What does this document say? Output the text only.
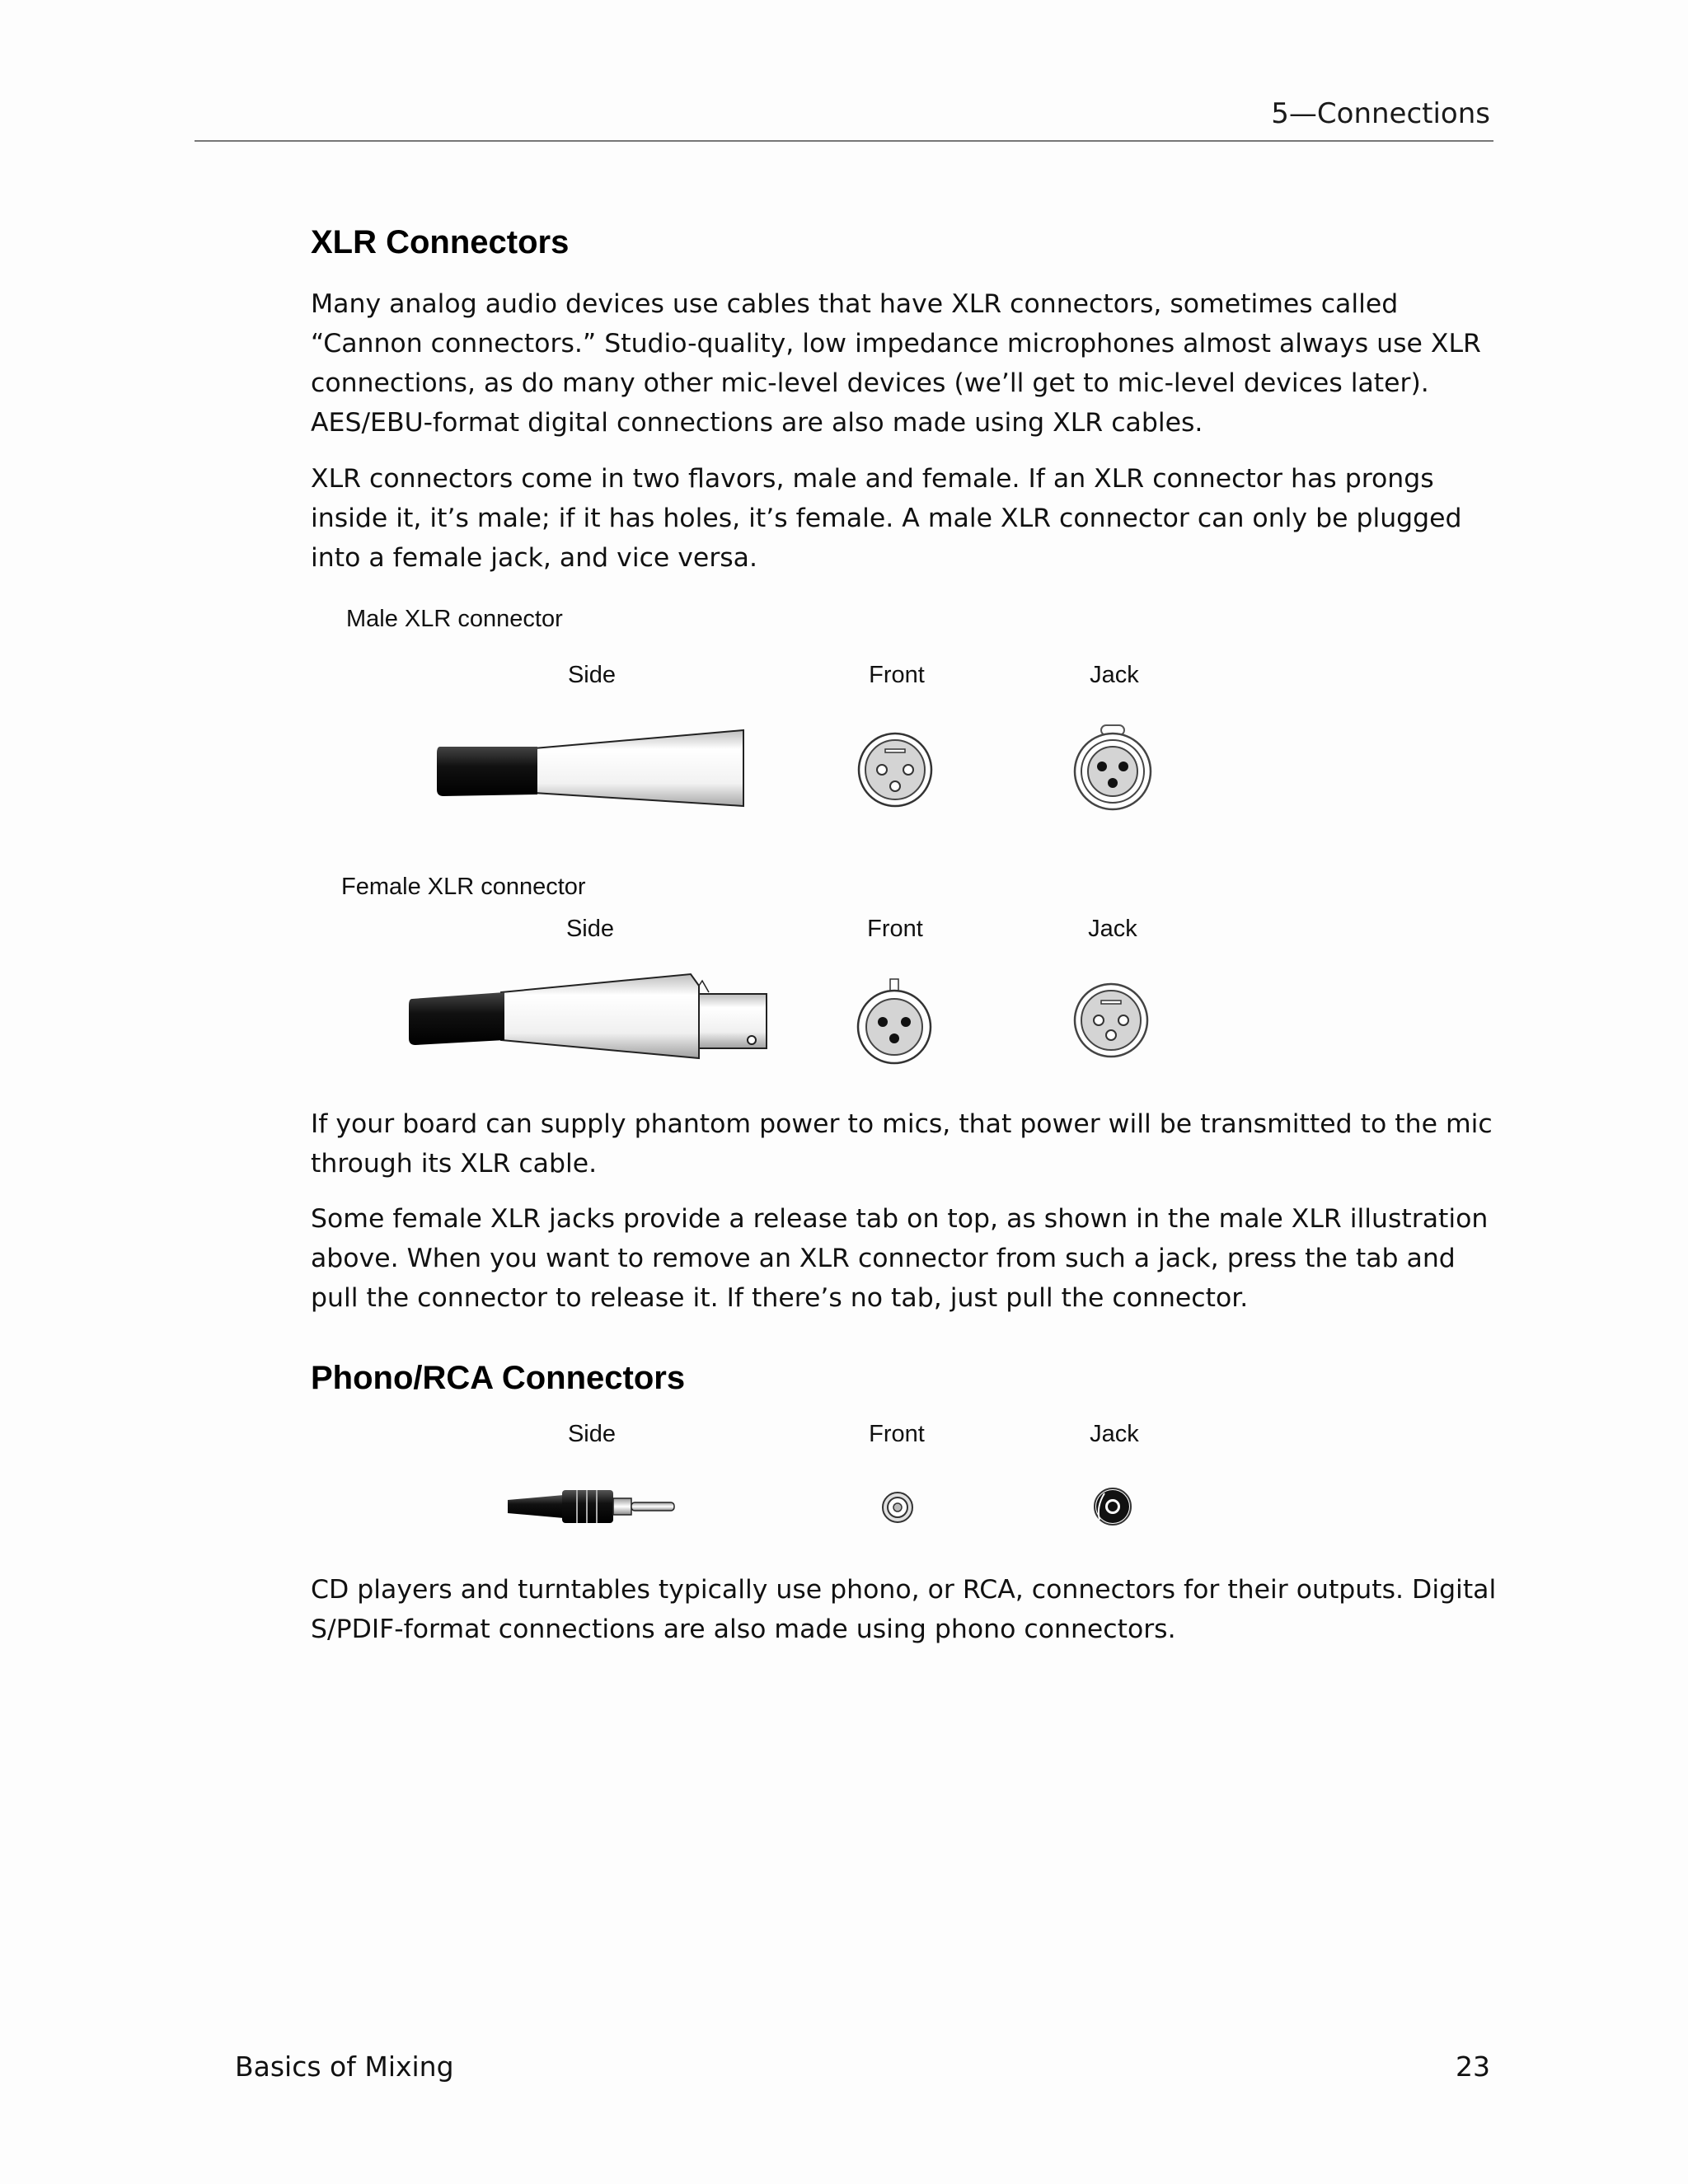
5—Connections
XLR Connectors

Many analog audio devices use cables that have XLR connectors, sometimes called “Cannon connectors.” Studio-quality, low impedance microphones almost always use XLR connections, as do many other mic-level devices (we’ll get to mic-level devices later). AES/EBU-format digital connections are also made using XLR cables.

XLR connectors come in two flavors, male and female. If an XLR connector has prongs inside it, it’s male; if it has holes, it’s female. A male XLR connector can only be plugged into a female jack, and vice versa.

Male XLR connector
Side	Front	Jack
Female XLR connector
Side	Front	Jack

If your board can supply phantom power to mics, that power will be transmitted to the mic through its XLR cable.

Some female XLR jacks provide a release tab on top, as shown in the male XLR illustration above. When you want to remove an XLR connector from such a jack, press the tab and pull the connector to release it. If there’s no tab, just pull the connector.

Phono/RCA Connectors
Side	Front	Jack

CD players and turntables typically use phono, or RCA, connectors for their outputs. Digital S/PDIF-format connections are also made using phono connectors.

Basics of Mixing	23
